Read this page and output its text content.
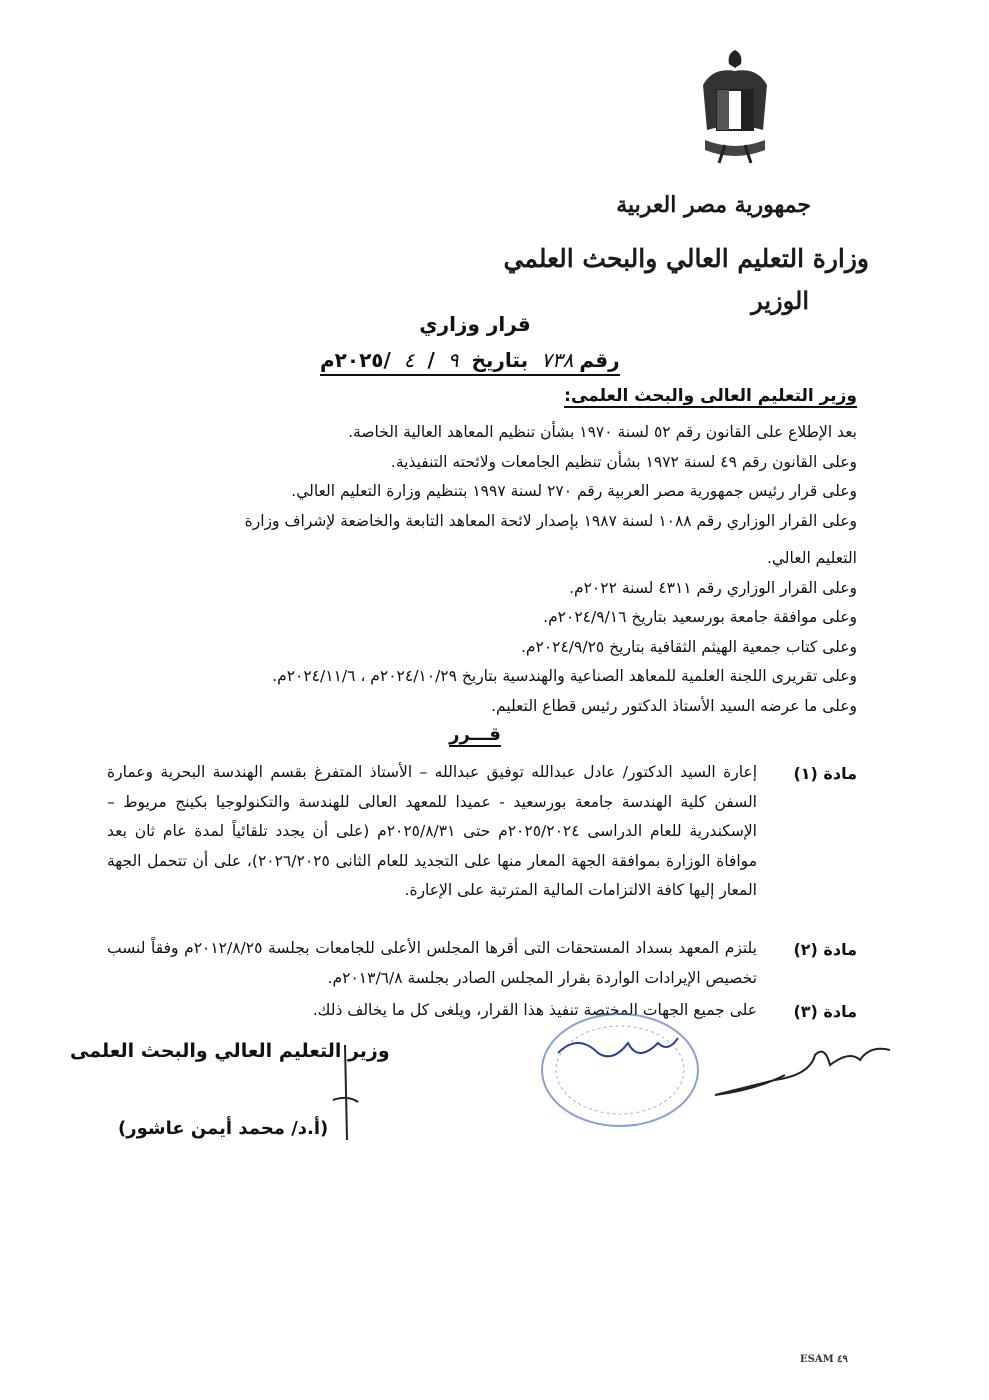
جمهورية مصر العربية
وزارة التعليم العالي والبحث العلمي
الوزير
قرار وزاري
رقم٧٣٨ بتاريخ ٩ / ٤ /٢٠٢٥م
وزير التعليم العالى والبحث العلمى:
بعد الإطلاع على القانون رقم ٥٢ لسنة ١٩٧٠ بشأن تنظيم المعاهد العالية الخاصة.
وعلى القانون رقم ٤٩ لسنة ١٩٧٢ بشأن تنظيم الجامعات ولائحته التنفيذية.
وعلى قرار رئيس جمهورية مصر العربية رقم ٢٧٠ لسنة ١٩٩٧ بتنظيم وزارة التعليم العالي.
وعلى القرار الوزاري رقم ١٠٨٨ لسنة ١٩٨٧ بإصدار لائحة المعاهد التابعة والخاضعة لإشراف وزارة
التعليم العالي.
وعلى القرار الوزاري رقم ٤٣١١ لسنة ٢٠٢٢م.
وعلى موافقة جامعة بورسعيد بتاريخ ٢٠٢٤/٩/١٦م.
وعلى كتاب جمعية الهيثم الثقافية بتاريخ ٢٠٢٤/٩/٢٥م.
وعلى تقريرى اللجنة العلمية للمعاهد الصناعية والهندسية بتاريخ ٢٠٢٤/١٠/٢٩م ، ٢٠٢٤/١١/٦م.
وعلى ما عرضه السيد الأستاذ الدكتور رئيس قطاع التعليم.
قـــرر
مادة (١)
إعارة السيد الدكتور/ عادل عبدالله توفيق عبدالله – الأستاذ المتفرغ بقسم الهندسة البحرية وعمارة السفن كلية الهندسة جامعة بورسعيد - عميدا للمعهد العالى للهندسة والتكنولوجيا بكينج مريوط – الإسكندرية للعام الدراسى ٢٠٢٥/٢٠٢٤م حتى ٢٠٢٥/٨/٣١م (على أن يجدد تلقائياً لمدة عام ثان بعد موافاة الوزارة بموافقة الجهة المعار منها على التجديد للعام الثانى ٢٠٢٦/٢٠٢٥)، على أن تتحمل الجهة المعار إليها كافة الالتزامات المالية المترتبة على الإعارة.
مادة (٢)
يلتزم المعهد بسداد المستحقات التى أقرها المجلس الأعلى للجامعات بجلسة ٢٠١٢/٨/٢٥م وفقاً لنسب تخصيص الإيرادات الواردة بقرار المجلس الصادر بجلسة ٢٠١٣/٦/٨م.
مادة (٣)
على جميع الجهات المختصة تنفيذ هذا القرار، ويلغى كل ما يخالف ذلك.
وزير التعليم العالي والبحث العلمى
(أ.د/ محمد أيمن عاشور)
ESAM ٤٩
